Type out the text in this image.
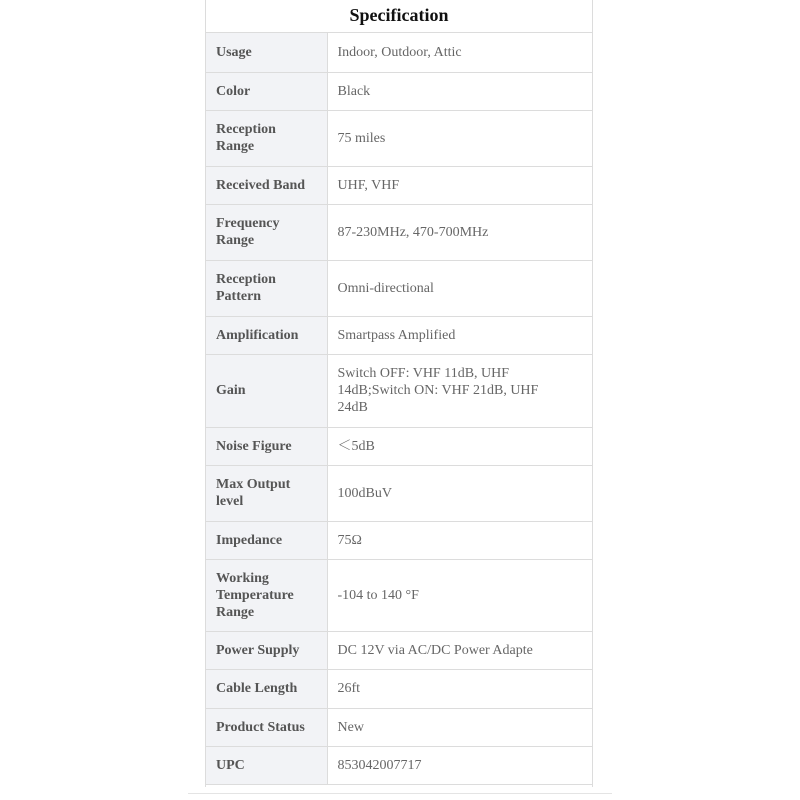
Specification
Usage	Indoor, Outdoor, Attic
Color	Black
Reception Range	75 miles
Received Band	UHF, VHF
Frequency Range	87-230MHz, 470-700MHz
Reception Pattern	Omni-directional
Amplification	Smartpass Amplified
Gain	Switch OFF: VHF 11dB, UHF 14dB;Switch ON: VHF 21dB, UHF 24dB
Noise Figure	＜5dB
Max Output level	100dBuV
Impedance	75Ω
Working Temperature Range	-104 to 140 °F
Power Supply	DC 12V via AC/DC Power Adapte
Cable Length	26ft
Product Status	New
UPC	853042007717
